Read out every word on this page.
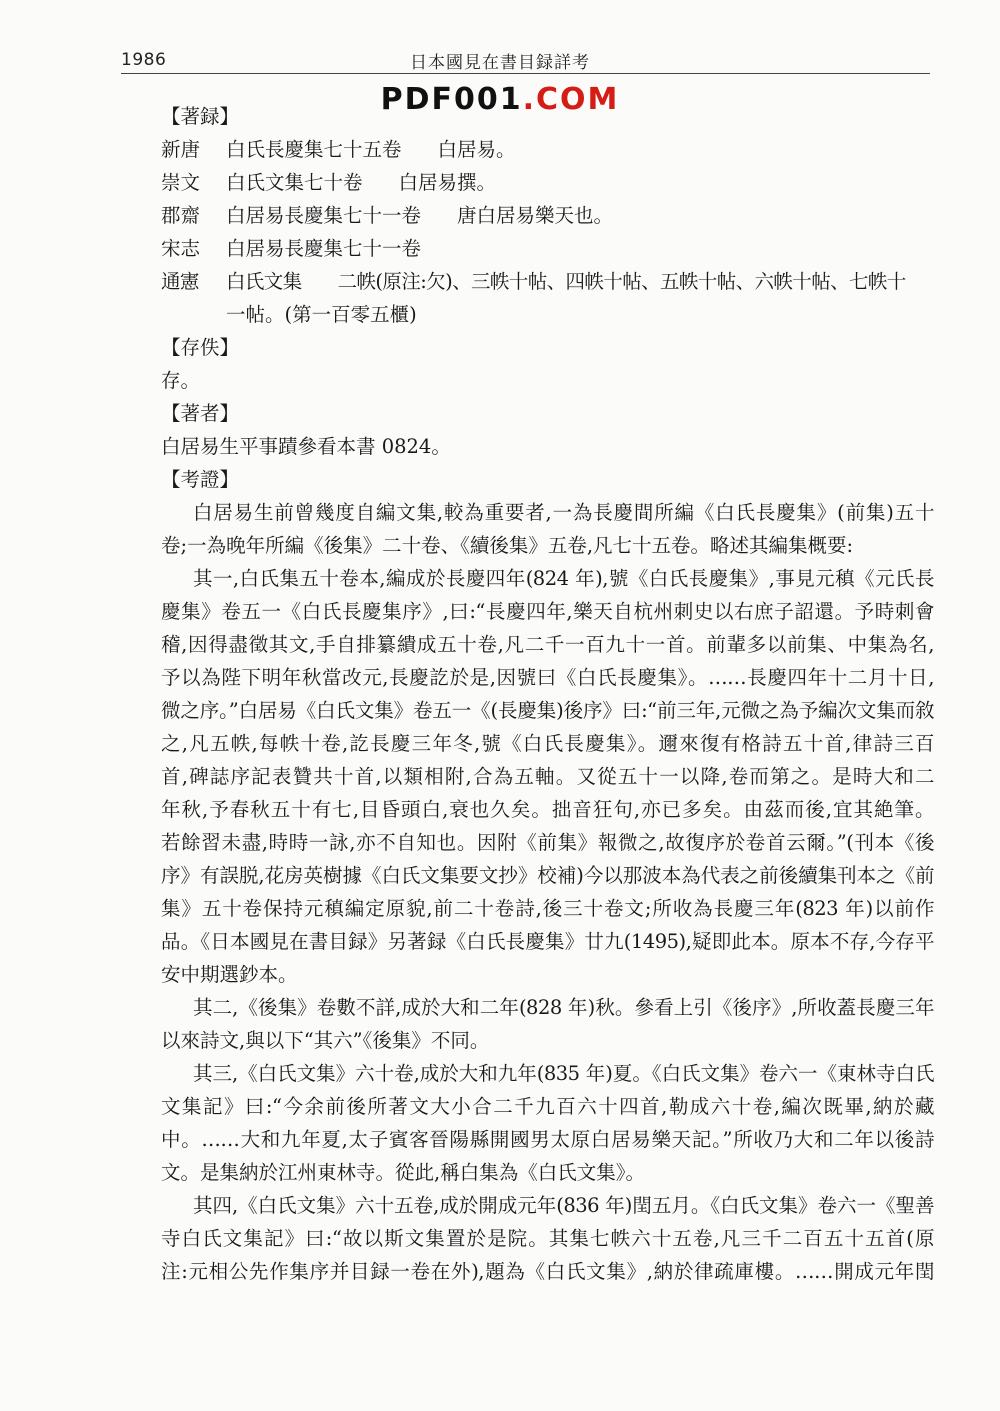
1986	日本國見在書目録詳考
PDF001.COM
【著録】
新唐 白氏長慶集七十五卷 白居易。
崇文 白氏文集七十卷 白居易撰。
郡齋 白居易長慶集七十一卷 唐白居易樂天也。
宋志 白居易長慶集七十一卷
通憲 白氏文集 二帙(原注:欠)、三帙十帖、四帙十帖、五帙十帖、六帙十帖、七帙十
一帖。(第一百零五櫃)
【存佚】
存。
【著者】
白居易生平事蹟參看本書 0824。
【考證】
白居易生前曾幾度自編文集,較為重要者,一為長慶間所編《白氏長慶集》(前集)五十
卷;一為晚年所編《後集》二十卷、《續後集》五卷,凡七十五卷。略述其編集概要:
其一,白氏集五十卷本,編成於長慶四年(824 年),號《白氏長慶集》,事見元稹《元氏長
慶集》卷五一《白氏長慶集序》,曰:“長慶四年,樂天自杭州刺史以右庶子詔還。予時刺會
稽,因得盡徵其文,手自排纂繢成五十卷,凡二千一百九十一首。前輩多以前集、中集為名,
予以為陛下明年秋當改元,長慶訖於是,因號曰《白氏長慶集》。……長慶四年十二月十日,
微之序。”白居易《白氏文集》卷五一《(長慶集)後序》曰:“前三年,元微之為予編次文集而敘
之,凡五帙,每帙十卷,訖長慶三年冬,號《白氏長慶集》。邇來復有格詩五十首,律詩三百
首,碑誌序記表贊共十首,以類相附,合為五軸。又從五十一以降,卷而第之。是時大和二
年秋,予春秋五十有七,目昏頭白,衰也久矣。拙音狂句,亦已多矣。由茲而後,宜其絶筆。
若餘習未盡,時時一詠,亦不自知也。因附《前集》報微之,故復序於卷首云爾。”(刊本《後
序》有誤脱,花房英樹據《白氏文集要文抄》校補)今以那波本為代表之前後續集刊本之《前
集》五十卷保持元稹編定原貌,前二十卷詩,後三十卷文;所收為長慶三年(823 年)以前作
品。《日本國見在書目録》另著録《白氏長慶集》廿九(1495),疑即此本。原本不存,今存平
安中期選鈔本。
其二,《後集》卷數不詳,成於大和二年(828 年)秋。參看上引《後序》,所收蓋長慶三年
以來詩文,與以下“其六”《後集》不同。
其三,《白氏文集》六十卷,成於大和九年(835 年)夏。《白氏文集》卷六一《東林寺白氏
文集記》曰:“今余前後所著文大小合二千九百六十四首,勒成六十卷,編次既畢,納於藏
中。……大和九年夏,太子賓客晉陽縣開國男太原白居易樂天記。”所收乃大和二年以後詩
文。是集納於江州東林寺。從此,稱白集為《白氏文集》。
其四,《白氏文集》六十五卷,成於開成元年(836 年)閏五月。《白氏文集》卷六一《聖善
寺白氏文集記》曰:“故以斯文集置於是院。其集七帙六十五卷,凡三千二百五十五首(原
注:元相公先作集序并目録一卷在外),題為《白氏文集》,納於律疏庫樓。……開成元年閏
